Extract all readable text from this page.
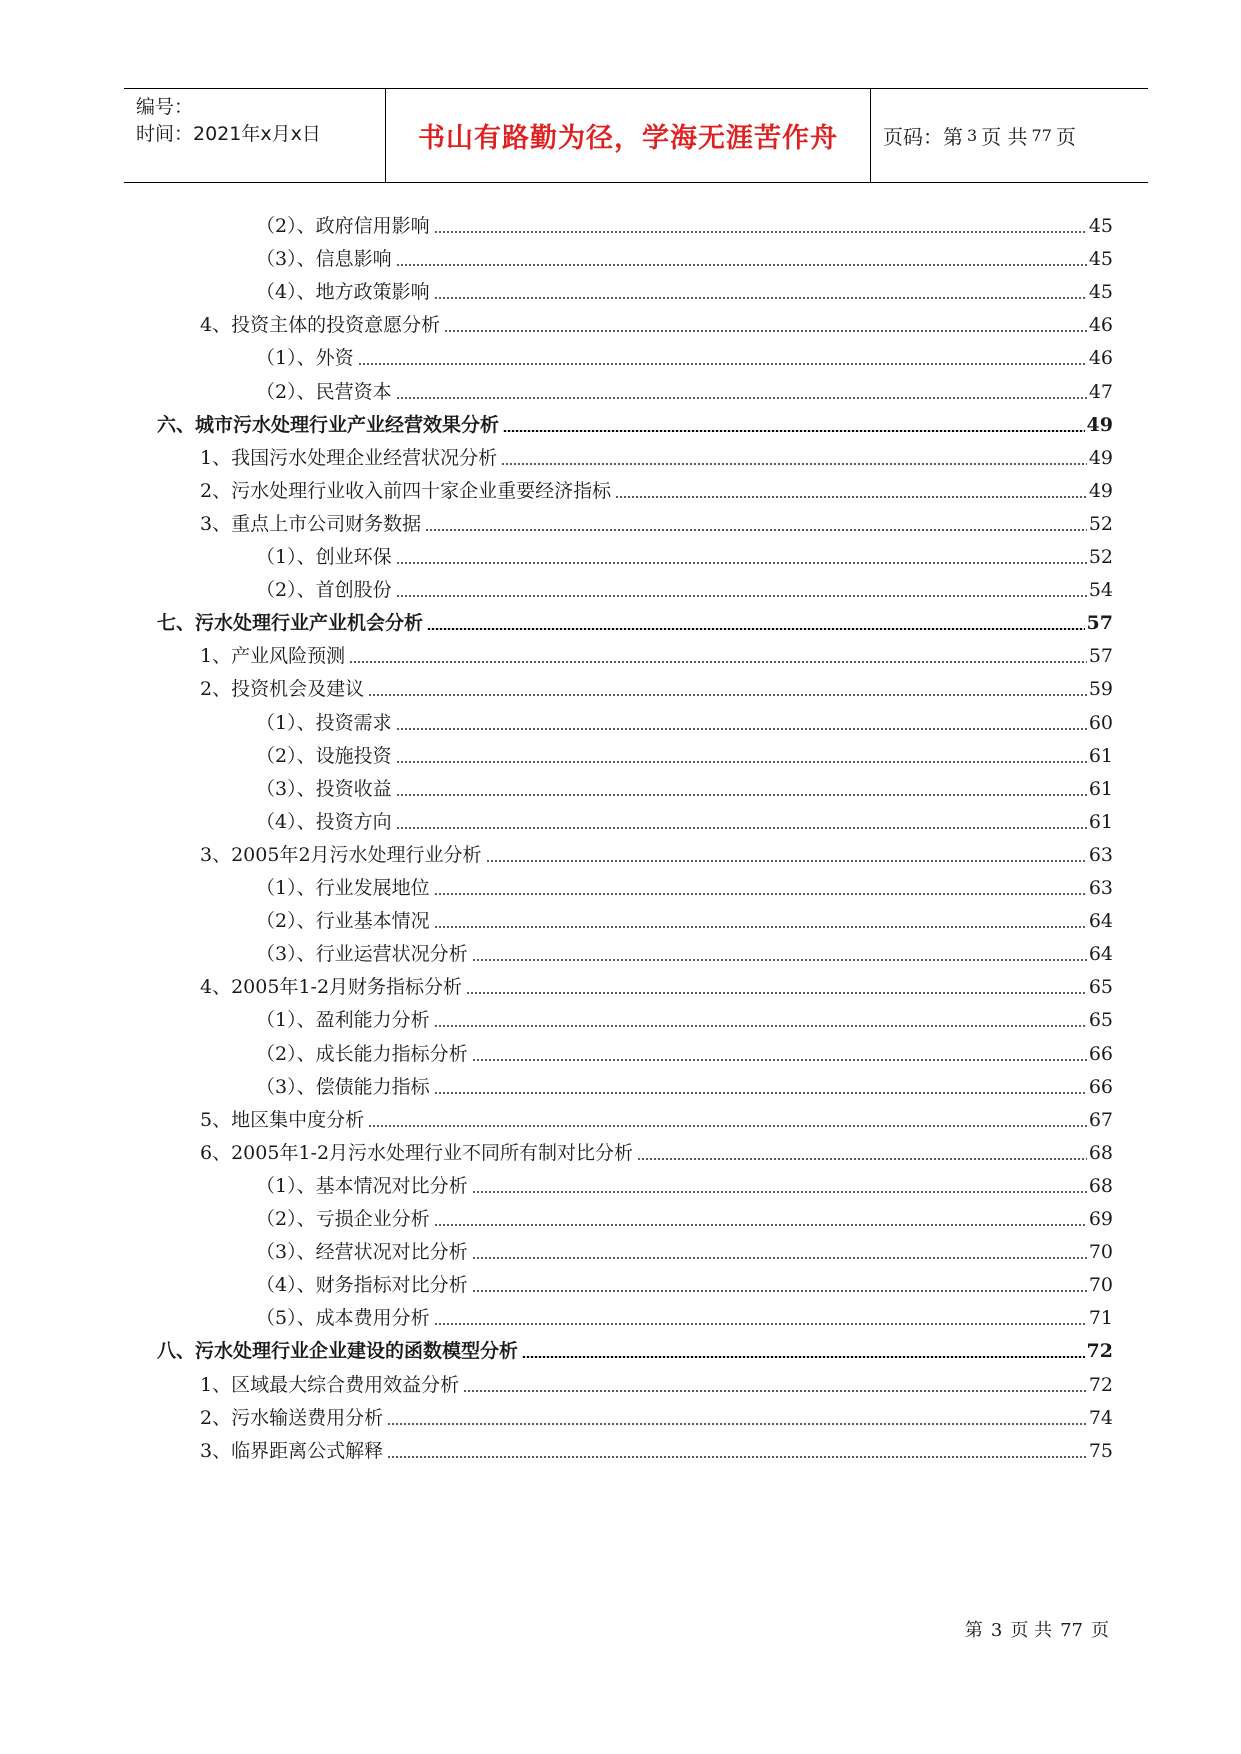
编号：
时间：2021年x月x日	书山有路勤为径，学海无涯苦作舟 页码：第 3 页 共 77 页
（2）、政府信用影响	45
（3）、信息影响	45
（4）、地方政策影响	45
4、投资主体的投资意愿分析	46
（1）、外资	46
（2）、民营资本	47
六、城市污水处理行业产业经营效果分析	49
1、我国污水处理企业经营状况分析	49
2、污水处理行业收入前四十家企业重要经济指标	49
3、重点上市公司财务数据	52
（1）、创业环保	52
（2）、首创股份	54
七、污水处理行业产业机会分析	57
1、产业风险预测	57
2、投资机会及建议	59
（1）、投资需求	60
（2）、设施投资	61
（3）、投资收益	61
（4）、投资方向	61
3、2005年2月污水处理行业分析	63
（1）、行业发展地位	63
（2）、行业基本情况	64
（3）、行业运营状况分析	64
4、2005年1-2月财务指标分析	65
（1）、盈利能力分析	65
（2）、成长能力指标分析	66
（3）、偿债能力指标	66
5、地区集中度分析	67
6、2005年1-2月污水处理行业不同所有制对比分析	68
（1）、基本情况对比分析	68
（2）、亏损企业分析	69
（3）、经营状况对比分析	70
（4）、财务指标对比分析	70
（5）、成本费用分析	71
八、污水处理行业企业建设的函数模型分析	72
1、区域最大综合费用效益分析	72
2、污水输送费用分析	74
3、临界距离公式解释	75
第 3 页 共 77 页
